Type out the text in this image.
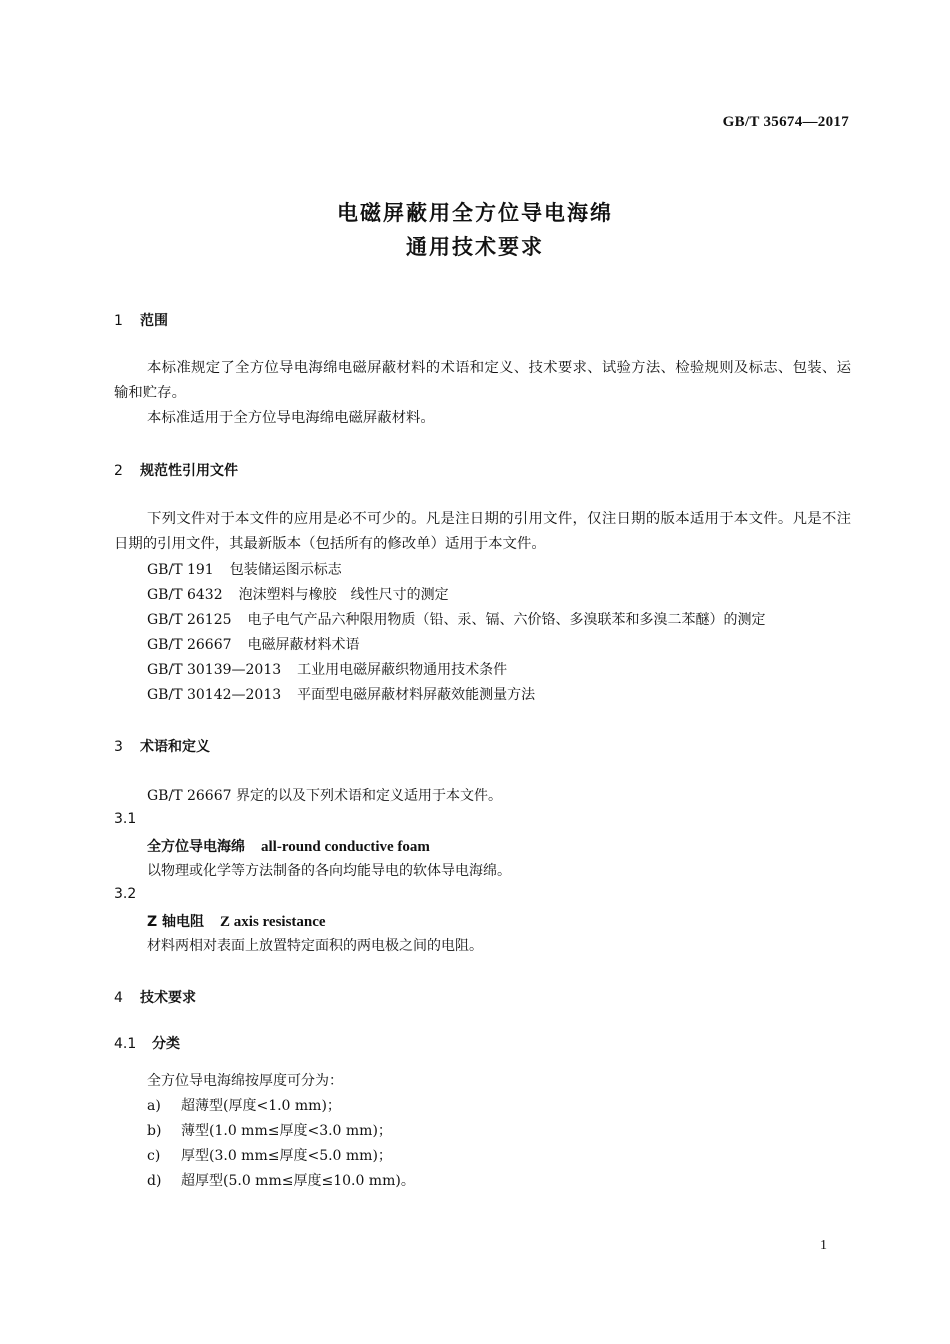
GB/T 35674—2017
电磁屏蔽用全方位导电海绵
通用技术要求
1 范围
本标准规定了全方位导电海绵电磁屏蔽材料的术语和定义、技术要求、试验方法、检验规则及标志、包装、运输和贮存。
本标准适用于全方位导电海绵电磁屏蔽材料。
2 规范性引用文件
下列文件对于本文件的应用是必不可少的。凡是注日期的引用文件，仅注日期的版本适用于本文件。凡是不注日期的引用文件，其最新版本（包括所有的修改单）适用于本文件。
GB/T 191 包装储运图示标志
GB/T 6432 泡沫塑料与橡胶　线性尺寸的测定
GB/T 26125 电子电气产品六种限用物质（铅、汞、镉、六价铬、多溴联苯和多溴二苯醚）的测定
GB/T 26667 电磁屏蔽材料术语
GB/T 30139—2013 工业用电磁屏蔽织物通用技术条件
GB/T 30142—2013 平面型电磁屏蔽材料屏蔽效能测量方法
3 术语和定义
GB/T 26667 界定的以及下列术语和定义适用于本文件。
3.1
全方位导电海绵 all-round conductive foam
以物理或化学等方法制备的各向均能导电的软体导电海绵。
3.2
Z 轴电阻 Z axis resistance
材料两相对表面上放置特定面积的两电极之间的电阻。
4 技术要求
4.1 分类
全方位导电海绵按厚度可分为：
a) 超薄型(厚度<1.0 mm)；
b) 薄型(1.0 mm≤厚度<3.0 mm)；
c) 厚型(3.0 mm≤厚度<5.0 mm)；
d) 超厚型(5.0 mm≤厚度≤10.0 mm)。
1
